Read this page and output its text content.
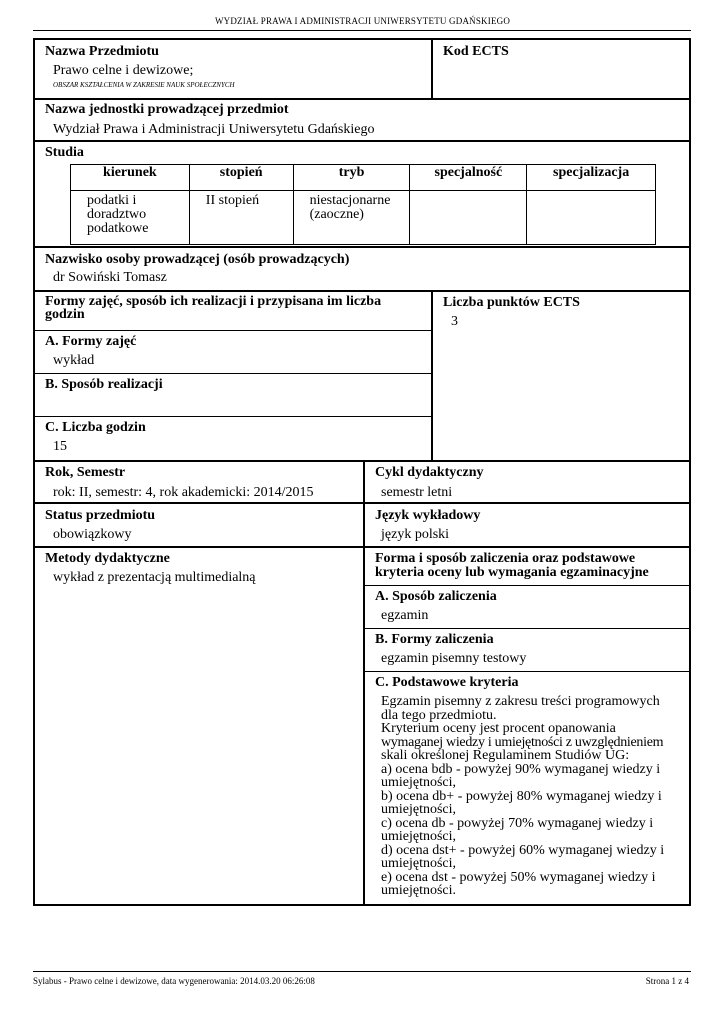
WYDZIAŁ PRAWA I ADMINISTRACJI UNIWERSYTETU GDAŃSKIEGO
Nazwa Przedmiotu
Prawo celne i dewizowe;
OBSZAR KSZTAŁCENIA W ZAKRESIE NAUK SPOŁECZNYCH
Kod ECTS
Nazwa jednostki prowadzącej przedmiot
Wydział Prawa i Administracji Uniwersytetu Gdańskiego
Studia
kierunek	stopień	tryb	specjalność	specjalizacja
podatki i doradztwo podatkowe	II stopień	niestacjonarne (zaoczne)		
Nazwisko osoby prowadzącej (osób prowadzących)
dr Sowiński Tomasz
Formy zajęć, sposób ich realizacji i przypisana im liczba godzin
A. Formy zajęć
wykład
B. Sposób realizacji
C. Liczba godzin
15
Liczba punktów ECTS
3
Rok, Semestr
rok: II, semestr: 4, rok akademicki: 2014/2015
Cykl dydaktyczny
semestr letni
Status przedmiotu
obowiązkowy
Język wykładowy
język polski
Metody dydaktyczne
wykład z prezentacją multimedialną
Forma i sposób zaliczenia oraz podstawowe kryteria oceny lub wymagania egzaminacyjne
A. Sposób zaliczenia
egzamin
B. Formy zaliczenia
egzamin pisemny testowy
C. Podstawowe kryteria
Egzamin pisemny z zakresu treści programowych
dla tego przedmiotu.
Kryterium oceny jest procent opanowania
wymaganej wiedzy i umiejętności z uwzględnieniem
skali określonej Regulaminem Studiów UG:
a) ocena bdb - powyżej 90% wymaganej wiedzy i
umiejętności,
b) ocena db+ - powyżej 80% wymaganej wiedzy i
umiejętności,
c) ocena db - powyżej 70% wymaganej wiedzy i
umiejętności,
d) ocena dst+ - powyżej 60% wymaganej wiedzy i
umiejętności,
e) ocena dst - powyżej 50% wymaganej wiedzy i
umiejętności.
Sylabus - Prawo celne i dewizowe, data wygenerowania: 2014.03.20 06:26:08	Strona 1 z 4
